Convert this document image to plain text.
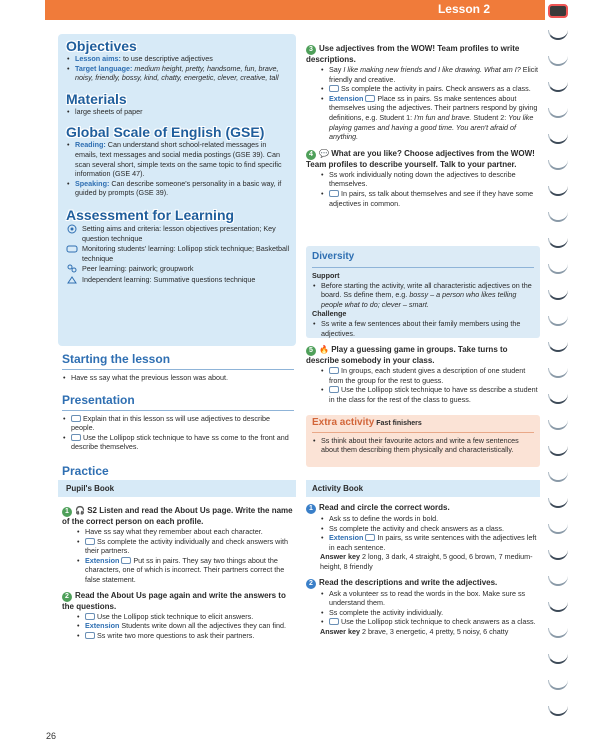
Lesson 2
Objectives
• Lesson aims: to use descriptive adjectives
• Target language: medium height, pretty, handsome, fun, brave, noisy, friendly, bossy, kind, chatty, energetic, clever, creative, tall
Materials
• large sheets of paper
Global Scale of English (GSE)
• Reading: Can understand short school-related messages in emails, text messages and social media postings (GSE 39). Can scan several short, simple texts on the same topic to find specific information (GSE 47).
• Speaking: Can describe someone's personality in a basic way, if guided by prompts (GSE 39).
Assessment for Learning
Setting aims and criteria: lesson objectives presentation; Key question technique
Monitoring students' learning: Lollipop stick technique; Basketball technique
Peer learning: pairwork; groupwork
Independent learning: Summative questions technique
Starting the lesson
• Have ss say what the previous lesson was about.
Presentation
• Explain that in this lesson ss will use adjectives to describe people.
• Use the Lollipop stick technique to have ss come to the front and describe themselves.
Practice
Pupil's Book
1 🎧 S2 Listen and read the About Us page. Write the name of the correct person on each profile.
• Have ss say what they remember about each character.
• Ss complete the activity individually and check answers with their partners.
• Extension Put ss in pairs. They say two things about the characters, one of which is incorrect. Their partners correct the false statement.
2 Read the About Us page again and write the answers to the questions.
• Use the Lollipop stick technique to elicit answers.
• Extension Students write down all the adjectives they can find.
• Ss write two more questions to ask their partners.
3 Use adjectives from the WOW! Team profiles to write descriptions.
• Say I like making new friends and I like drawing. What am I? Elicit friendly and creative.
• Ss complete the activity in pairs. Check answers as a class.
• Extension Place ss in pairs. Ss make sentences about themselves using the adjectives. Their partners respond by giving definitions, e.g. Student 1: I'm fun and brave. Student 2: You like playing games and having a good time. You aren't afraid of anything.
4 💬 What are you like? Choose adjectives from the WOW! Team profiles to describe yourself. Talk to your partner.
• Ss work individually noting down the adjectives to describe themselves.
• In pairs, ss talk about themselves and see if they have some adjectives in common.
Diversity
Support
• Before starting the activity, write all characteristic adjectives on the board. Ss define them, e.g. bossy – a person who likes telling people what to do; clever – smart.
Challenge
• Ss write a few sentences about their family members using the adjectives.
5 🔥 Play a guessing game in groups. Take turns to describe somebody in your class.
• In groups, each student gives a description of one student from the group for the rest to guess.
• Use the Lollipop stick technique to have ss describe a student in the class for the rest of the class to guess.
Extra activity Fast finishers
• Ss think about their favourite actors and write a few sentences about them describing them physically and characteristically.
Activity Book
1 Read and circle the correct words.
• Ask ss to define the words in bold.
• Ss complete the activity and check answers as a class.
• Extension In pairs, ss write sentences with the adjectives left in each sentence.
Answer key 2 long, 3 dark, 4 straight, 5 good, 6 brown, 7 medium-height, 8 friendly
2 Read the descriptions and write the adjectives.
• Ask a volunteer ss to read the words in the box. Make sure ss understand them.
• Ss complete the activity individually.
• Use the Lollipop stick technique to check answers as a class.
Answer key 2 brave, 3 energetic, 4 pretty, 5 noisy, 6 chatty
26
